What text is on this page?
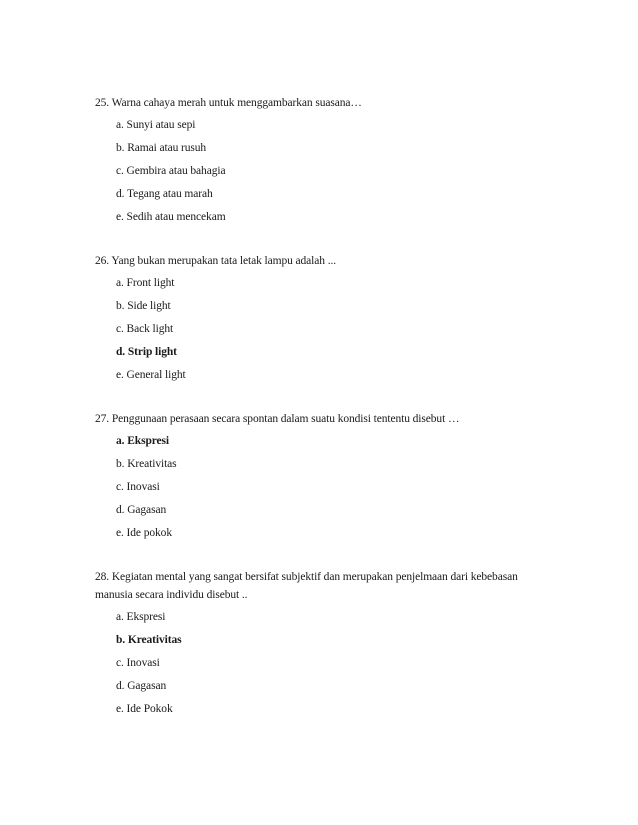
25. Warna cahaya merah untuk menggambarkan suasana…
a. Sunyi atau sepi
b. Ramai atau rusuh
c. Gembira atau bahagia
d. Tegang atau marah
e. Sedih atau mencekam
26. Yang bukan merupakan tata letak lampu adalah ...
a. Front light
b. Side light
c. Back light
d. Strip light
e. General light
27. Penggunaan perasaan secara spontan dalam suatu kondisi tententu disebut …
a. Ekspresi
b. Kreativitas
c. Inovasi
d. Gagasan
e. Ide pokok
28. Kegiatan mental yang sangat bersifat subjektif dan merupakan penjelmaan dari kebebasan manusia secara individu disebut ..
a. Ekspresi
b. Kreativitas
c. Inovasi
d. Gagasan
e. Ide Pokok
